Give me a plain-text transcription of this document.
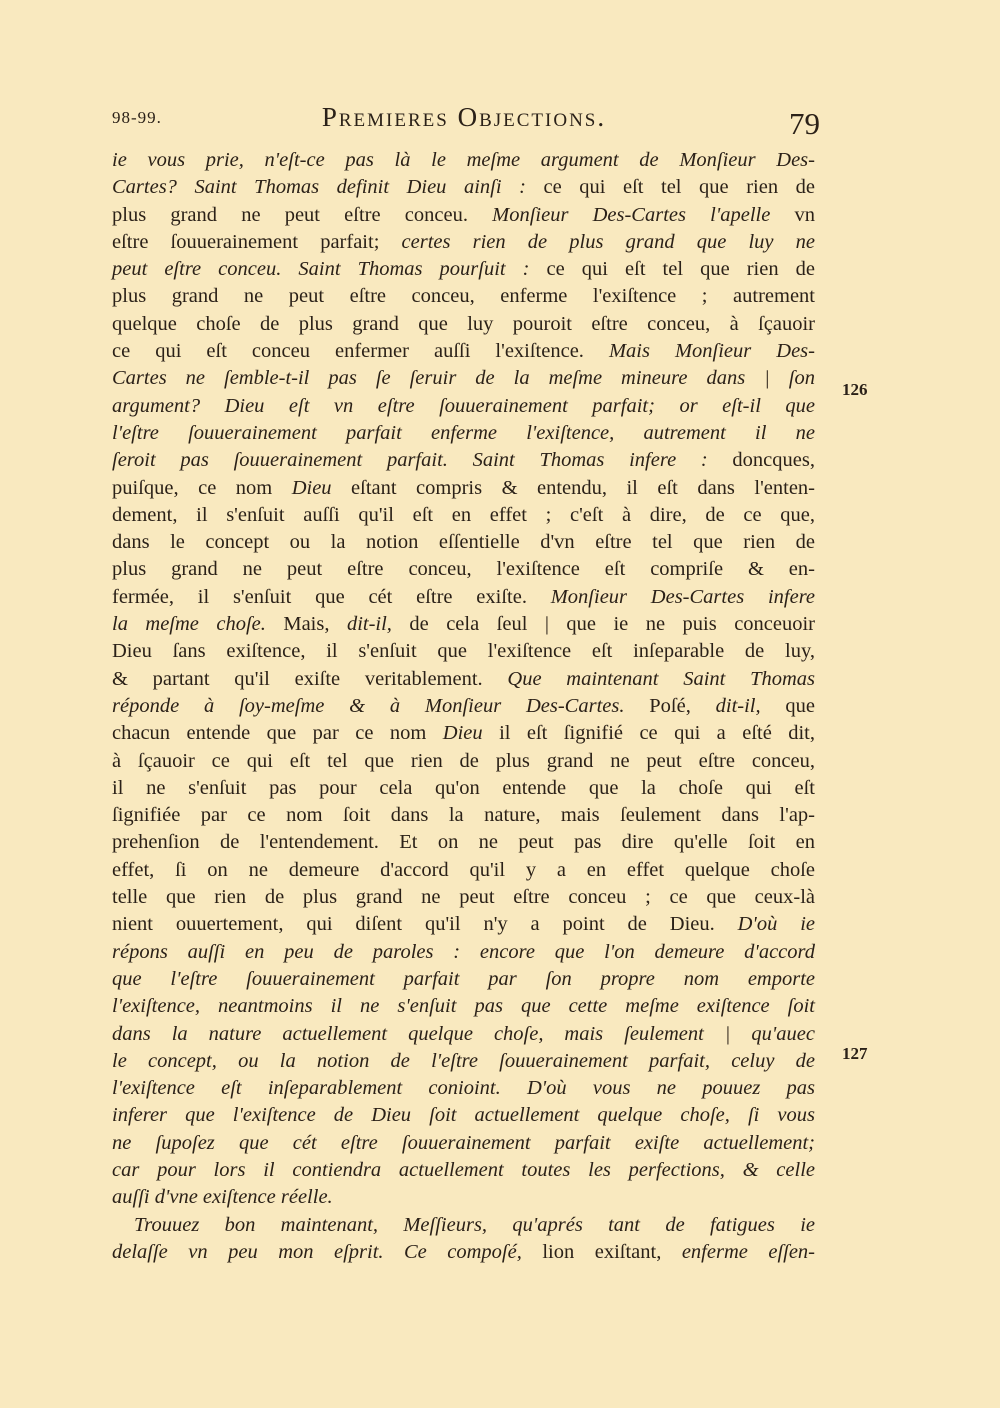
98-99.	Premieres Objections.	79
ie vous prie, n'eſt-ce pas là le meſme argument de Monſieur Des-
Cartes? Saint Thomas definit Dieu ainſi : ce qui eſt tel que rien de
plus grand ne peut eſtre conceu. Monſieur Des-Cartes l'apelle vn
eſtre ſouuerainement parfait; certes rien de plus grand que luy ne
peut eſtre conceu. Saint Thomas pourſuit : ce qui eſt tel que rien de
plus grand ne peut eſtre conceu, enferme l'exiſtence ; autrement
quelque choſe de plus grand que luy pouroit eſtre conceu, à ſçauoir
ce qui eſt conceu enfermer auſſi l'exiſtence. Mais Monſieur Des-
Cartes ne ſemble-t-il pas ſe ſeruir de la meſme mineure dans | ſon
argument? Dieu eſt vn eſtre ſouuerainement parfait; or eſt-il que
l'eſtre ſouuerainement parfait enferme l'exiſtence, autrement il ne
ſeroit pas ſouuerainement parfait. Saint Thomas infere : doncques,
puiſque, ce nom Dieu eſtant compris & entendu, il eſt dans l'enten-
dement, il s'enſuit auſſi qu'il eſt en effet ; c'eſt à dire, de ce que,
dans le concept ou la notion eſſentielle d'vn eſtre tel que rien de
plus grand ne peut eſtre conceu, l'exiſtence eſt compriſe & en-
fermée, il s'enſuit que cét eſtre exiſte. Monſieur Des-Cartes infere
la meſme choſe. Mais, dit-il, de cela ſeul | que ie ne puis conceuoir
Dieu ſans exiſtence, il s'enſuit que l'exiſtence eſt inſeparable de luy,
& partant qu'il exiſte veritablement. Que maintenant Saint Thomas
réponde à ſoy-meſme & à Monſieur Des-Cartes. Poſé, dit-il, que
chacun entende que par ce nom Dieu il eſt ſignifié ce qui a eſté dit,
à ſçauoir ce qui eſt tel que rien de plus grand ne peut eſtre conceu,
il ne s'enſuit pas pour cela qu'on entende que la choſe qui eſt
ſignifiée par ce nom ſoit dans la nature, mais ſeulement dans l'ap-
prehenſion de l'entendement. Et on ne peut pas dire qu'elle ſoit en
effet, ſi on ne demeure d'accord qu'il y a en effet quelque choſe
telle que rien de plus grand ne peut eſtre conceu ; ce que ceux-là
nient ouuertement, qui diſent qu'il n'y a point de Dieu. D'où ie
répons auſſi en peu de paroles : encore que l'on demeure d'accord
que l'eſtre ſouuerainement parfait par ſon propre nom emporte
l'exiſtence, neantmoins il ne s'enſuit pas que cette meſme exiſtence ſoit
dans la nature actuellement quelque choſe, mais ſeulement | qu'auec
le concept, ou la notion de l'eſtre ſouuerainement parfait, celuy de
l'exiſtence eſt inſeparablement conioint. D'où vous ne pouuez pas
inferer que l'exiſtence de Dieu ſoit actuellement quelque choſe, ſi vous
ne ſupoſez que cét eſtre ſouuerainement parfait exiſte actuellement;
car pour lors il contiendra actuellement toutes les perfections, & celle
auſſi d'vne exiſtence réelle.
Trouuez bon maintenant, Meſſieurs, qu'aprés tant de fatigues ie
delaſſe vn peu mon eſprit. Ce compoſé, lion exiſtant, enferme eſſen-
126
127
